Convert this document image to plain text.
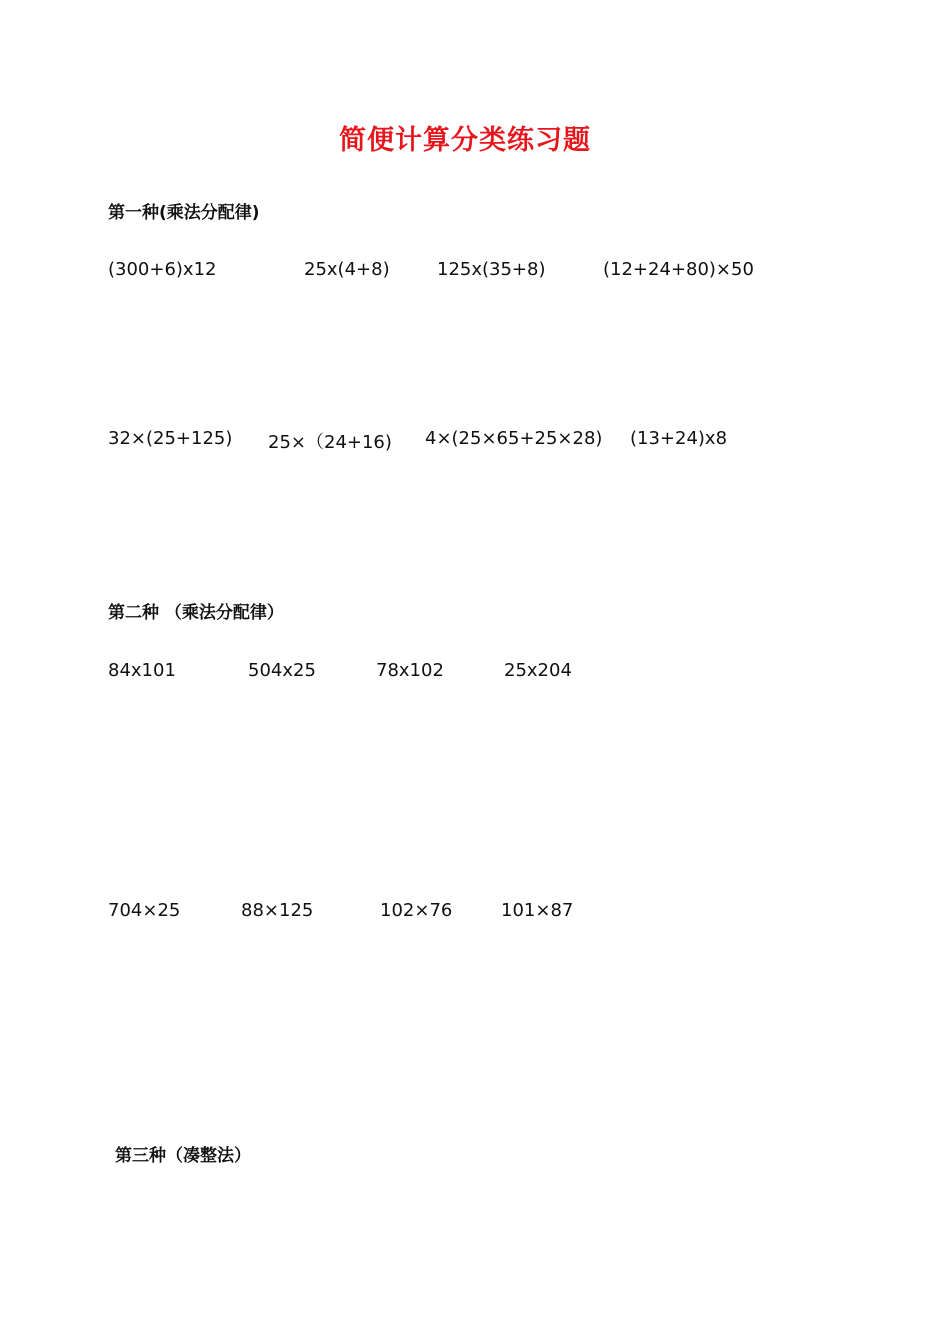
简便计算分类练习题
第一种(乘法分配律)
(300+6)x12	25x(4+8)	125x(35+8)	(12+24+80)×50
32×(25+125) 25×（24+16) 4×(25×65+25×28) (13+24)x8
第二种 （乘法分配律）
84x101	504x25	78x102	25x204
704×25	88×125	102×76	101×87
第三种（凑整法）
